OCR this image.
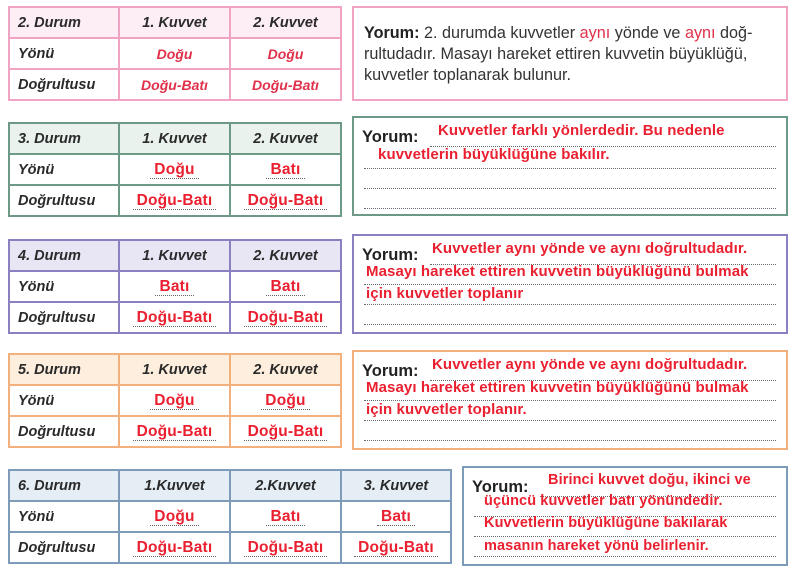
2. Durum	1. Kuvvet	2. Kuvvet
Yönü	Doğu	Doğu
Doğrultusu	Doğu-Batı	Doğu-Batı
Yorum: 2. durumda kuvvetler aynı yönde ve aynı doğ-
rultudadır. Masayı hareket ettiren kuvvetin büyüklüğü,
kuvvetler toplanarak bulunur.
3. Durum	1. Kuvvet	2. Kuvvet
Yönü	Doğu	Batı
Doğrultusu	Doğu-Batı	Doğu-Batı
Yorum: Kuvvetler farklı yönlerdedir. Bu nedenle
kuvvetlerin büyüklüğüne bakılır.
4. Durum	1. Kuvvet	2. Kuvvet
Yönü	Batı	Batı
Doğrultusu	Doğu-Batı	Doğu-Batı
Yorum: Kuvvetler aynı yönde ve aynı doğrultudadır.
Masayı hareket ettiren kuvvetin büyüklüğünü bulmak
için kuvvetler toplanır
5. Durum	1. Kuvvet	2. Kuvvet
Yönü	Doğu	Doğu
Doğrultusu	Doğu-Batı	Doğu-Batı
Yorum: Kuvvetler aynı yönde ve aynı doğrultudadır.
Masayı hareket ettiren kuvvetin büyüklüğünü bulmak
için kuvvetler toplanır.
6. Durum	1.Kuvvet	2.Kuvvet	3. Kuvvet
Yönü	Doğu	Batı	Batı
Doğrultusu	Doğu-Batı	Doğu-Batı	Doğu-Batı
Yorum: Birinci kuvvet doğu, ikinci ve
üçüncü kuvvetler batı yönündedir.
Kuvvetlerin büyüklüğüne bakılarak
masanın hareket yönü belirlenir.
